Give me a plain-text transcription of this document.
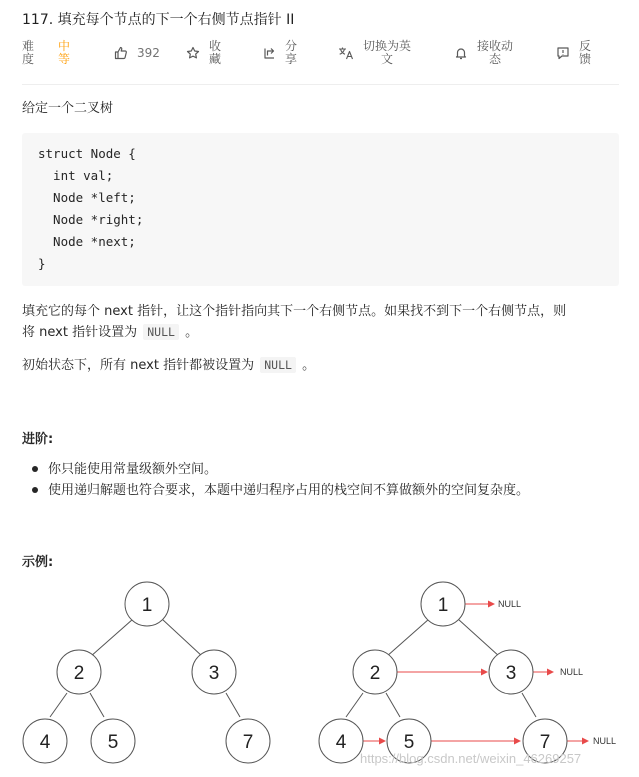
117. 填充每个节点的下一个右侧节点指针 II
难
度
中
等	392	收
藏
分
享
切换为英
文
接收动
态
反
馈
给定一个二叉树
struct Node {
int val;
Node *left;
Node *right;
Node *next;
}
填充它的每个 next 指针，让这个指针指向其下一个右侧节点。如果找不到下一个右侧节点，则
将 next 指针设置为 NULL 。
初始状态下，所有 next 指针都被设置为 NULL 。
进阶:
你只能使用常量级额外空间。
使用递归解题也符合要求，本题中递归程序占用的栈空间不算做额外的空间复杂度。
示例:
1
2	3
4	5	7
1
2	3
4	5	7
NULL
NULL
NULL
https://blog.csdn.net/weixin_46269257
